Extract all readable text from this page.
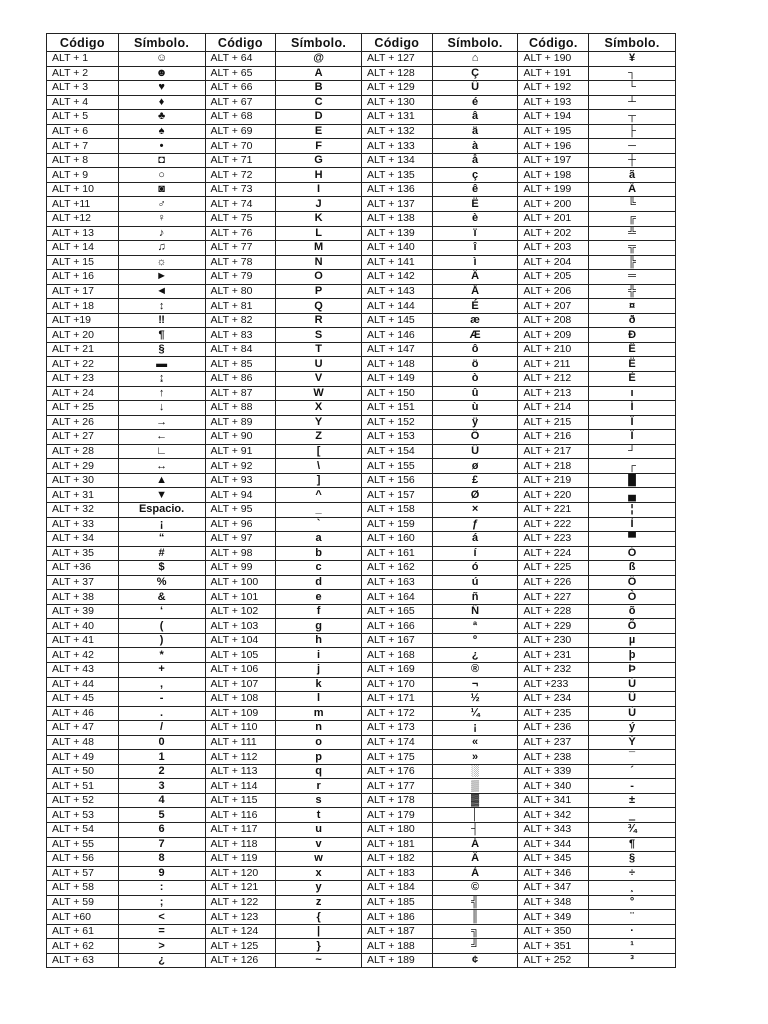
Código	Símbolo.	Código	Símbolo.	Código	Símbolo.	Código.	Símbolo.
ALT + 1	☺	ALT + 64	@	ALT + 127	⌂	ALT + 190	¥
ALT + 2	☻	ALT + 65	A	ALT + 128	Ç	ALT + 191	┐
ALT + 3	♥	ALT + 66	B	ALT + 129	Ü	ALT + 192	└
ALT + 4	♦	ALT + 67	C	ALT + 130	é	ALT + 193	┴
ALT + 5	♣	ALT + 68	D	ALT + 131	â	ALT + 194	┬
ALT + 6	♠	ALT + 69	E	ALT + 132	ä	ALT + 195	├
ALT + 7	•	ALT + 70	F	ALT + 133	à	ALT + 196	─
ALT + 8	◘	ALT + 71	G	ALT + 134	å	ALT + 197	┼
ALT + 9	○	ALT + 72	H	ALT + 135	ç	ALT + 198	ã
ALT + 10	◙	ALT + 73	I	ALT + 136	ê	ALT + 199	Ã
ALT +11	♂	ALT + 74	J	ALT + 137	Ë	ALT + 200	╚
ALT +12	♀	ALT + 75	K	ALT + 138	è	ALT + 201	╔
ALT + 13	♪	ALT + 76	L	ALT + 139	ï	ALT + 202	╩
ALT + 14	♫	ALT + 77	M	ALT + 140	î	ALT + 203	╦
ALT + 15	☼	ALT + 78	N	ALT + 141	ì	ALT + 204	╠
ALT + 16	►	ALT + 79	O	ALT + 142	Ä	ALT + 205	═
ALT + 17	◄	ALT + 80	P	ALT + 143	Å	ALT + 206	╬
ALT + 18	↕	ALT + 81	Q	ALT + 144	É	ALT + 207	¤
ALT +19	‼	ALT + 82	R	ALT + 145	æ	ALT + 208	ð
ALT + 20	¶	ALT + 83	S	ALT + 146	Æ	ALT + 209	Ð
ALT + 21	§	ALT + 84	T	ALT + 147	ô	ALT + 210	Ê
ALT + 22	▬	ALT + 85	U	ALT + 148	ö	ALT + 211	Ë
ALT + 23	↨	ALT + 86	V	ALT + 149	ò	ALT + 212	È
ALT + 24	↑	ALT + 87	W	ALT + 150	û	ALT + 213	ı
ALT + 25	↓	ALT + 88	X	ALT + 151	ù	ALT + 214	Í
ALT + 26	→	ALT + 89	Y	ALT + 152	ÿ	ALT + 215	Î
ALT + 27	←	ALT + 90	Z	ALT + 153	Ö	ALT + 216	Ï
ALT + 28	∟	ALT + 91	[	ALT + 154	Ü	ALT + 217	┘
ALT + 29	↔	ALT + 92	\	ALT + 155	ø	ALT + 218	┌
ALT + 30	▲	ALT + 93	]	ALT + 156	£	ALT + 219	█
ALT + 31	▼	ALT + 94	^	ALT + 157	Ø	ALT + 220	▄
ALT + 32	Espacio.	ALT + 95	_	ALT + 158	×	ALT + 221	¦
ALT + 33	¡	ALT + 96	`	ALT + 159	ƒ	ALT + 222	Ì
ALT + 34	“	ALT + 97	a	ALT + 160	á	ALT + 223	▀
ALT + 35	#	ALT + 98	b	ALT + 161	í	ALT + 224	Ó
ALT +36	$	ALT + 99	c	ALT + 162	ó	ALT + 225	ß
ALT + 37	%	ALT + 100	d	ALT + 163	ú	ALT + 226	Ô
ALT + 38	&	ALT + 101	e	ALT + 164	ñ	ALT + 227	Ò
ALT + 39	‘	ALT + 102	f	ALT + 165	Ñ	ALT + 228	õ
ALT + 40	(	ALT + 103	g	ALT + 166	ª	ALT + 229	Õ
ALT + 41	)	ALT + 104	h	ALT + 167	º	ALT + 230	µ
ALT + 42	*	ALT + 105	i	ALT + 168	¿	ALT + 231	þ
ALT + 43	+	ALT + 106	j	ALT + 169	®	ALT + 232	Þ
ALT + 44	,	ALT + 107	k	ALT + 170	¬	ALT +233	Ú
ALT + 45	-	ALT + 108	l	ALT + 171	½	ALT + 234	Û
ALT + 46	.	ALT + 109	m	ALT + 172	¼	ALT + 235	Ù
ALT + 47	/	ALT + 110	n	ALT + 173	¡	ALT + 236	ý
ALT + 48	0	ALT + 111	o	ALT + 174	«	ALT + 237	Ý
ALT + 49	1	ALT + 112	p	ALT + 175	»	ALT + 238	¯
ALT + 50	2	ALT + 113	q	ALT + 176	░	ALT + 339	´
ALT + 51	3	ALT + 114	r	ALT + 177	▒	ALT + 340	-
ALT + 52	4	ALT + 115	s	ALT + 178	▓	ALT + 341	±
ALT + 53	5	ALT + 116	t	ALT + 179	│	ALT + 342	‗
ALT + 54	6	ALT + 117	u	ALT + 180	┤	ALT + 343	¾
ALT + 55	7	ALT + 118	v	ALT + 181	Á	ALT + 344	¶
ALT + 56	8	ALT + 119	w	ALT + 182	Â	ALT + 345	§
ALT + 57	9	ALT + 120	x	ALT + 183	À	ALT + 346	÷
ALT + 58	:	ALT + 121	y	ALT + 184	©	ALT + 347	¸
ALT + 59	;	ALT + 122	z	ALT + 185	╣	ALT + 348	°
ALT +60	<	ALT + 123	{	ALT + 186	║	ALT + 349	¨
ALT + 61	=	ALT + 124	|	ALT + 187	╗	ALT + 350	·
ALT + 62	>	ALT + 125	}	ALT + 188	╝	ALT + 351	¹
ALT + 63	¿	ALT + 126	~	ALT + 189	¢	ALT + 252	³
